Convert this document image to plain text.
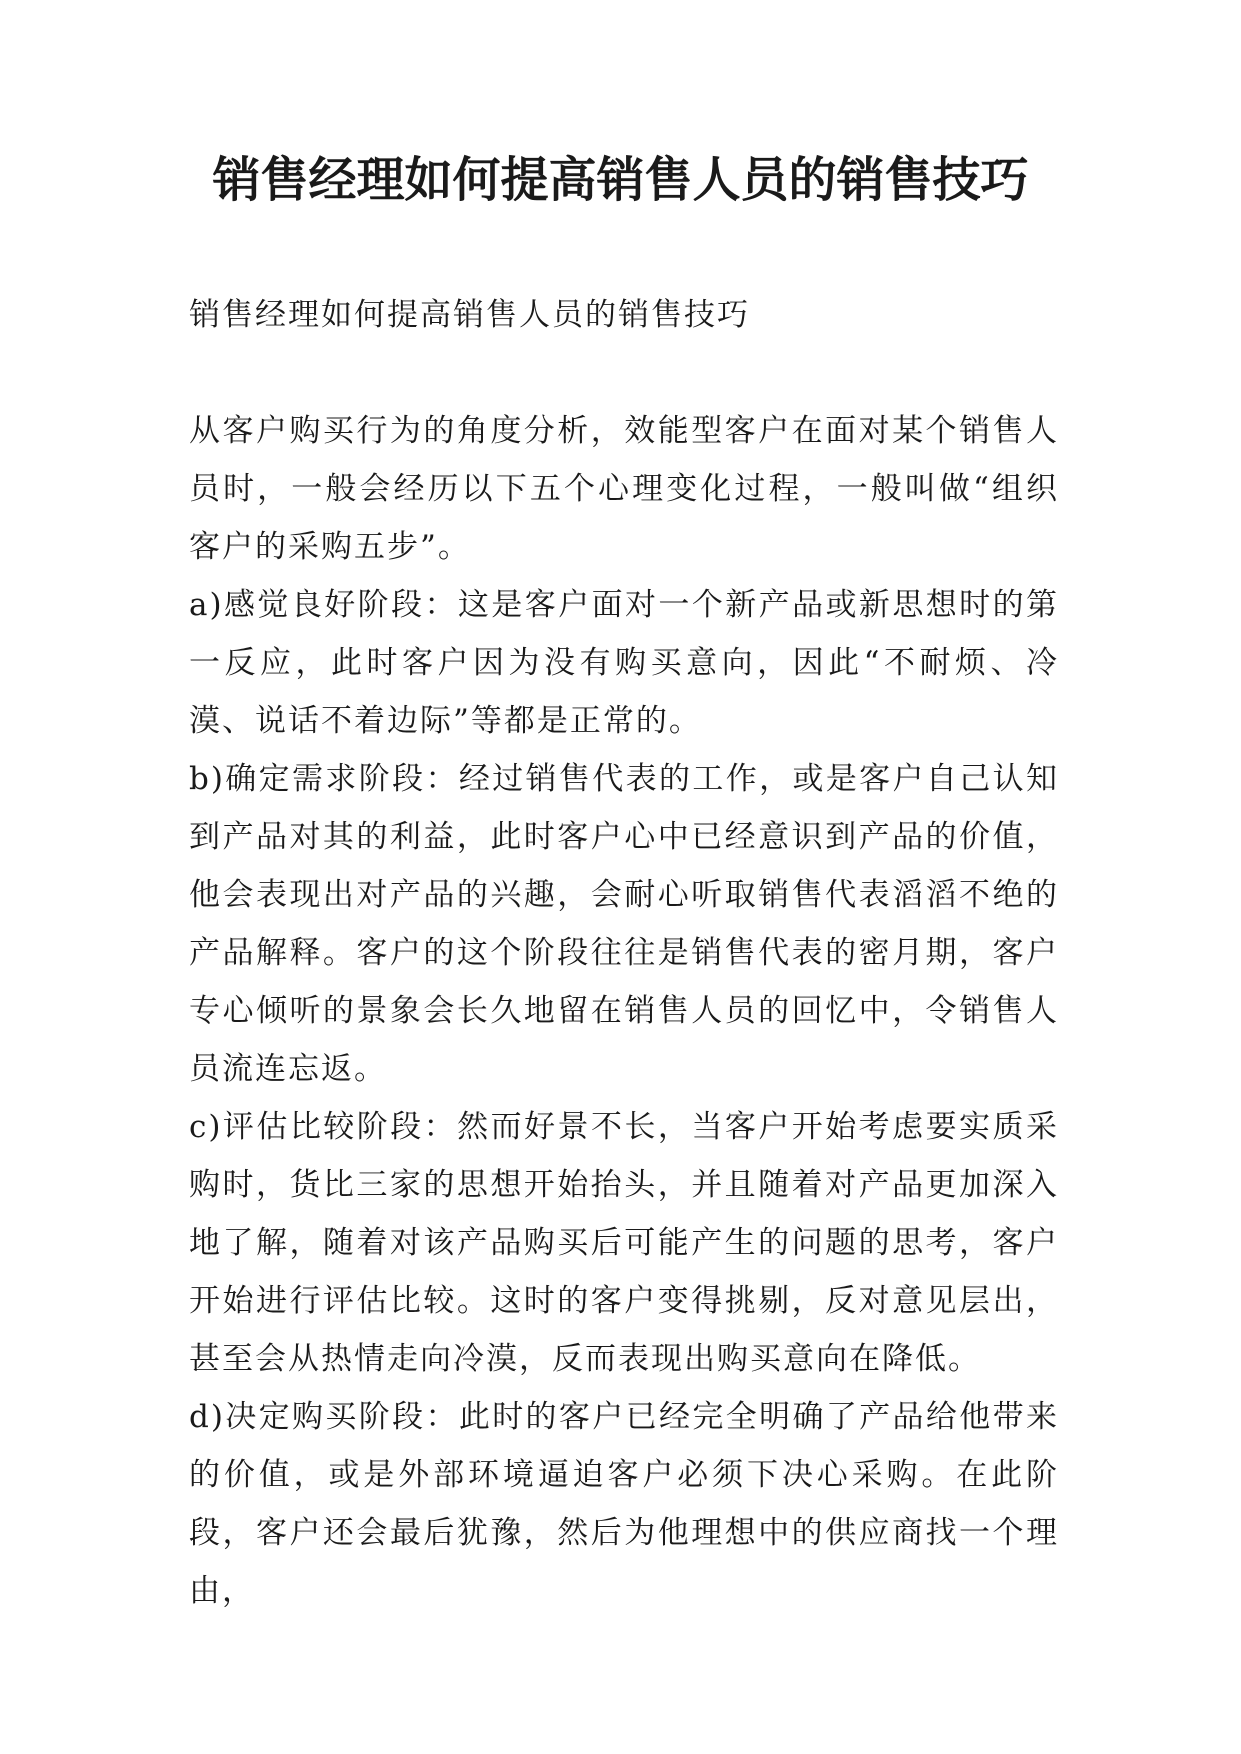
销售经理如何提高销售人员的销售技巧

销售经理如何提高销售人员的销售技巧

从客户购买行为的角度分析，效能型客户在面对某个销售人员时，一般会经历以下五个心理变化过程，一般叫做“组织客户的采购五步”。

a)感觉良好阶段：这是客户面对一个新产品或新思想时的第一反应，此时客户因为没有购买意向，因此“不耐烦、冷漠、说话不着边际”等都是正常的。

b)确定需求阶段：经过销售代表的工作，或是客户自己认知到产品对其的利益，此时客户心中已经意识到产品的价值，他会表现出对产品的兴趣，会耐心听取销售代表滔滔不绝的产品解释。客户的这个阶段往往是销售代表的密月期，客户专心倾听的景象会长久地留在销售人员的回忆中，令销售人员流连忘返。

c)评估比较阶段：然而好景不长，当客户开始考虑要实质采购时，货比三家的思想开始抬头，并且随着对产品更加深入地了解，随着对该产品购买后可能产生的问题的思考，客户开始进行评估比较。这时的客户变得挑剔，反对意见层出，甚至会从热情走向冷漠，反而表现出购买意向在降低。

d)决定购买阶段：此时的客户已经完全明确了产品给他带来的价值，或是外部环境逼迫客户必须下决心采购。在此阶段，客户还会最后犹豫，然后为他理想中的供应商找一个理由，
